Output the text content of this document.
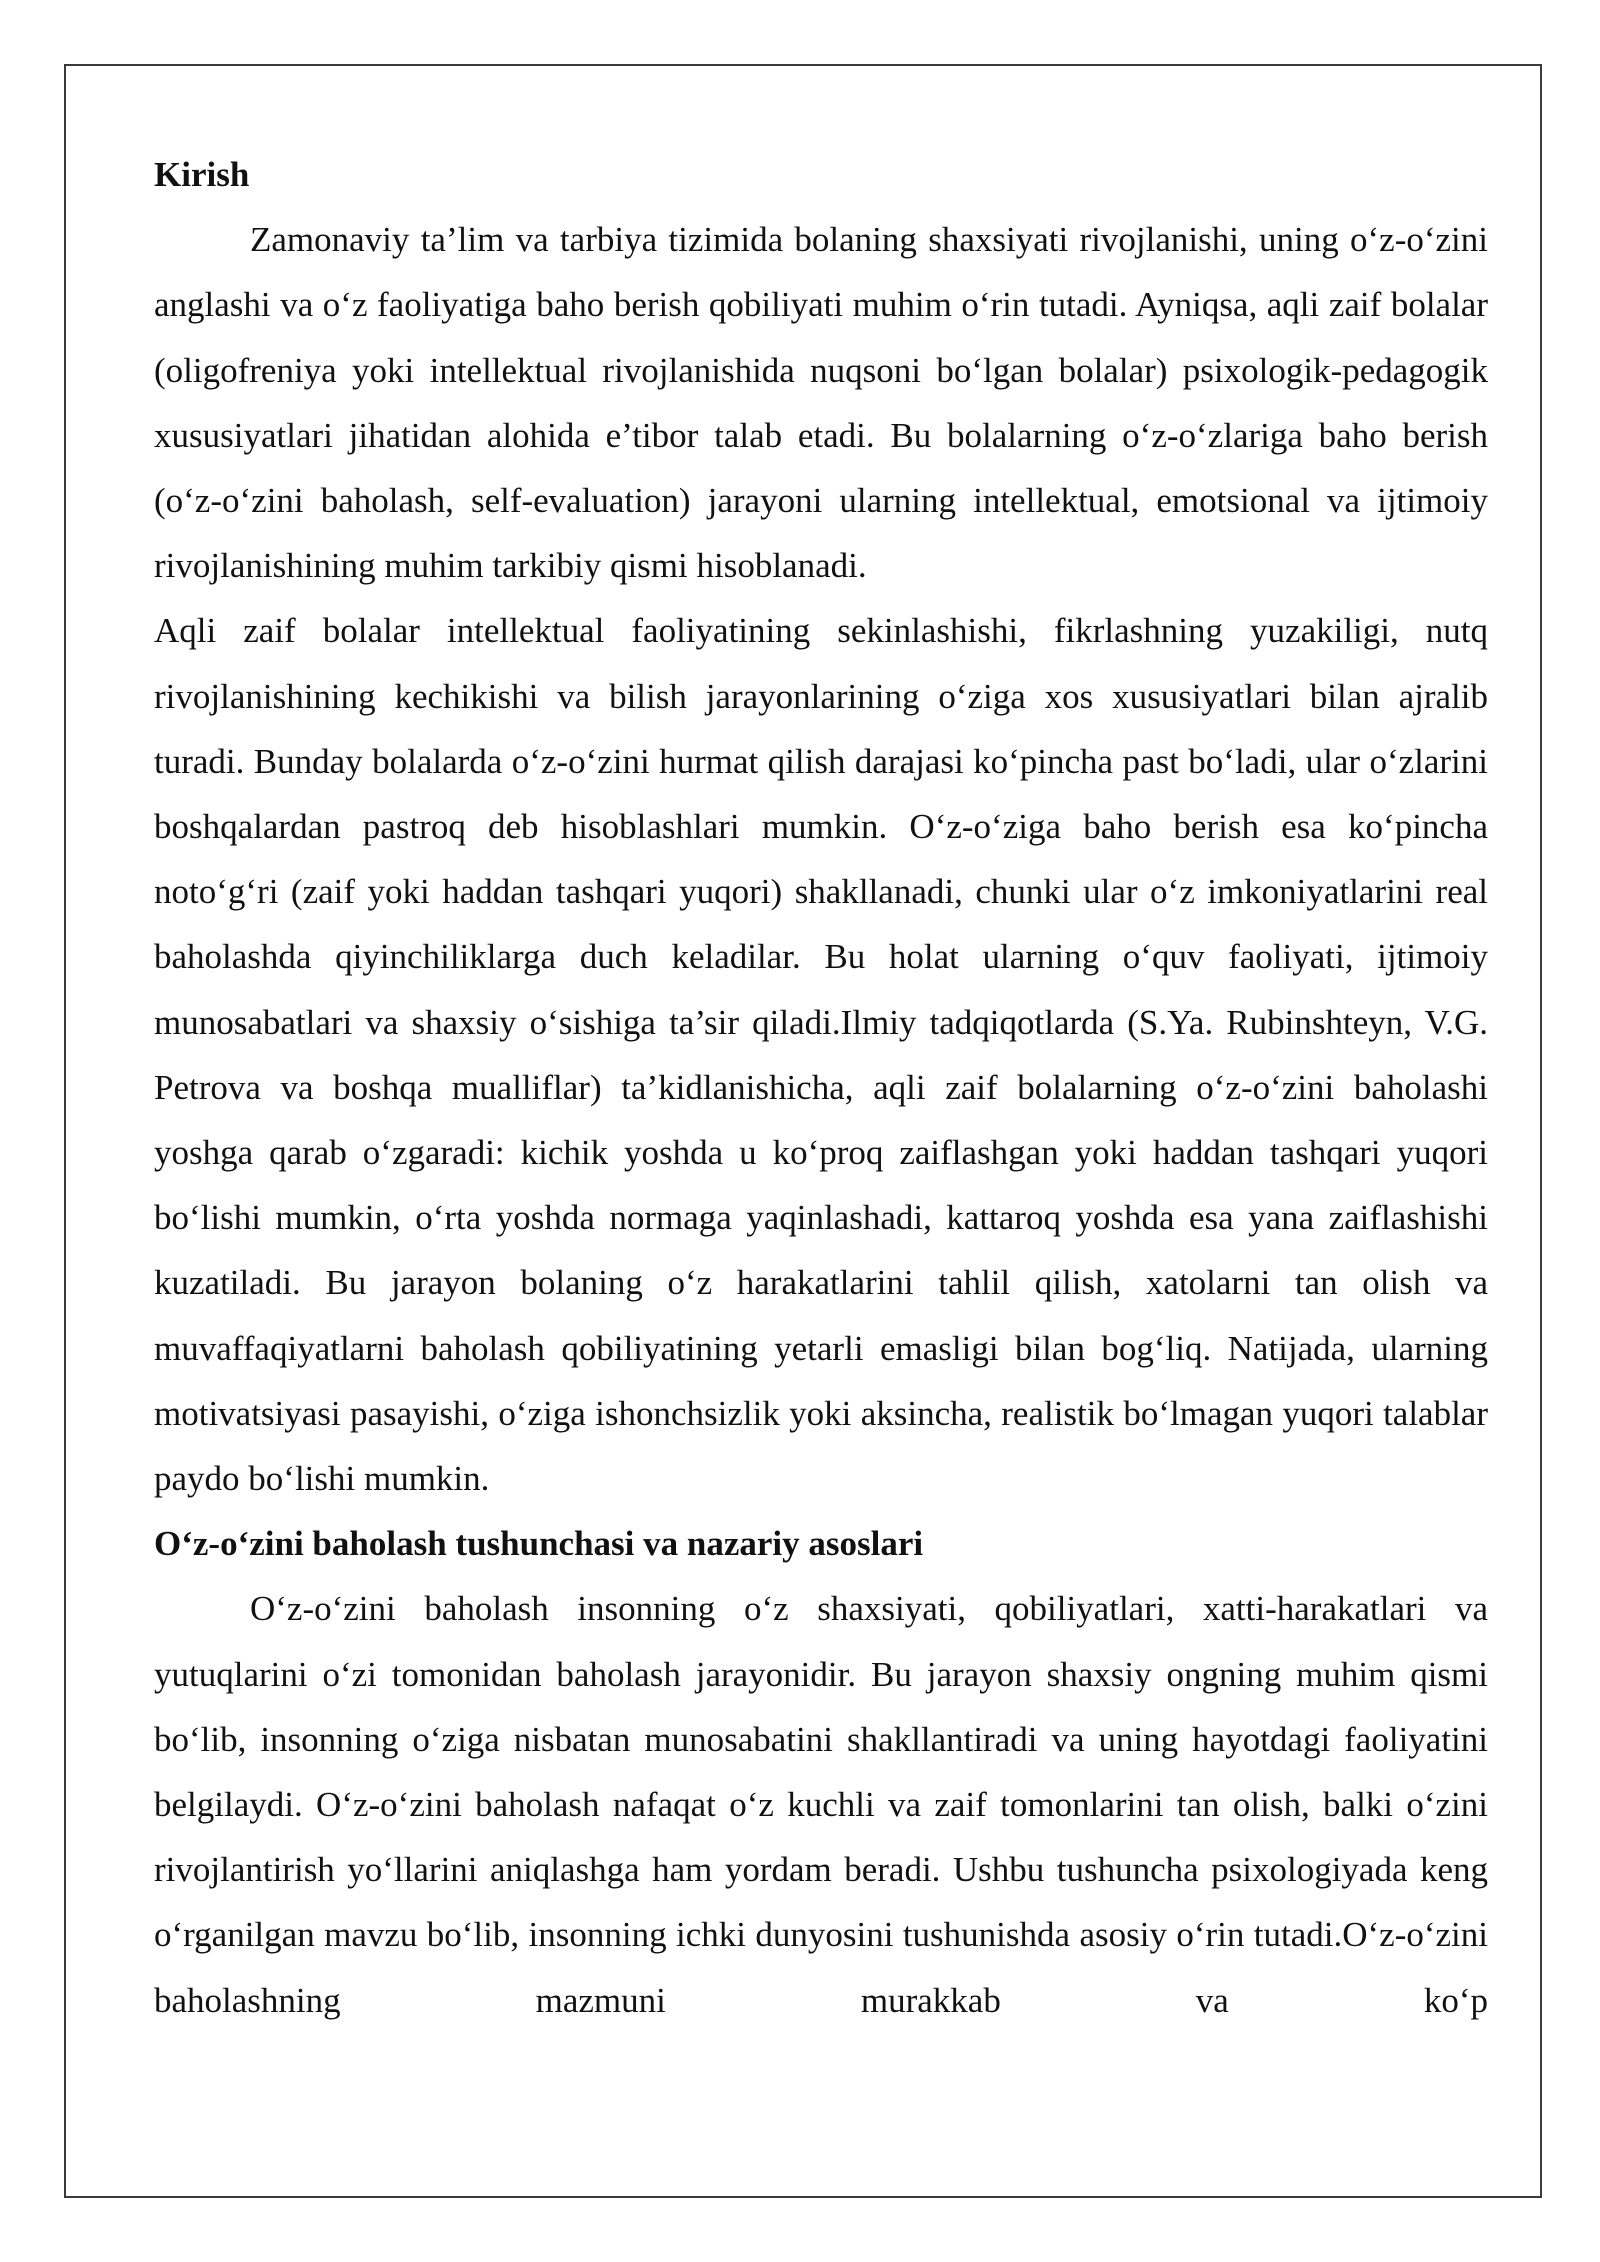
Kirish

Zamonaviy ta’lim va tarbiya tizimida bolaning shaxsiyati rivojlanishi, uning o‘z-o‘zini anglashi va o‘z faoliyatiga baho berish qobiliyati muhim o‘rin tutadi. Ayniqsa, aqli zaif bolalar (oligofreniya yoki intellektual rivojlanishida nuqsoni bo‘lgan bolalar) psixologik-pedagogik xususiyatlari jihatidan alohida e’tibor talab etadi. Bu bolalarning o‘z-o‘zlariga baho berish (o‘z-o‘zini baholash, self-evaluation) jarayoni ularning intellektual, emotsional va ijtimoiy rivojlanishining muhim tarkibiy qismi hisoblanadi.

Aqli zaif bolalar intellektual faoliyatining sekinlashishi, fikrlashning yuzakiligi, nutq rivojlanishining kechikishi va bilish jarayonlarining o‘ziga xos xususiyatlari bilan ajralib turadi. Bunday bolalarda o‘z-o‘zini hurmat qilish darajasi ko‘pincha past bo‘ladi, ular o‘zlarini boshqalardan pastroq deb hisoblashlari mumkin. O‘z-o‘ziga baho berish esa ko‘pincha noto‘g‘ri (zaif yoki haddan tashqari yuqori) shakllanadi, chunki ular o‘z imkoniyatlarini real baholashda qiyinchiliklarga duch keladilar. Bu holat ularning o‘quv faoliyati, ijtimoiy munosabatlari va shaxsiy o‘sishiga ta’sir qiladi.Ilmiy tadqiqotlarda (S.Ya. Rubinshteyn, V.G. Petrova va boshqa mualliflar) ta’kidlanishicha, aqli zaif bolalarning o‘z-o‘zini baholashi yoshga qarab o‘zgaradi: kichik yoshda u ko‘proq zaiflashgan yoki haddan tashqari yuqori bo‘lishi mumkin, o‘rta yoshda normaga yaqinlashadi, kattaroq yoshda esa yana zaiflashishi kuzatiladi. Bu jarayon bolaning o‘z harakatlarini tahlil qilish, xatolarni tan olish va muvaffaqiyatlarni baholash qobiliyatining yetarli emasligi bilan bog‘liq. Natijada, ularning motivatsiyasi pasayishi, o‘ziga ishonchsizlik yoki aksincha, realistik bo‘lmagan yuqori talablar paydo bo‘lishi mumkin.

O‘z-o‘zini baholash tushunchasi va nazariy asoslari

O‘z-o‘zini baholash insonning o‘z shaxsiyati, qobiliyatlari, xatti-harakatlari va yutuqlarini o‘zi tomonidan baholash jarayonidir. Bu jarayon shaxsiy ongning muhim qismi bo‘lib, insonning o‘ziga nisbatan munosabatini shakllantiradi va uning hayotdagi faoliyatini belgilaydi. O‘z-o‘zini baholash nafaqat o‘z kuchli va zaif tomonlarini tan olish, balki o‘zini rivojlantirish yo‘llarini aniqlashga ham yordam beradi. Ushbu tushuncha psixologiyada keng o‘rganilgan mavzu bo‘lib, insonning ichki dunyosini tushunishda asosiy o‘rin tutadi.O‘z-o‘zini baholashning mazmuni murakkab va ko‘p
